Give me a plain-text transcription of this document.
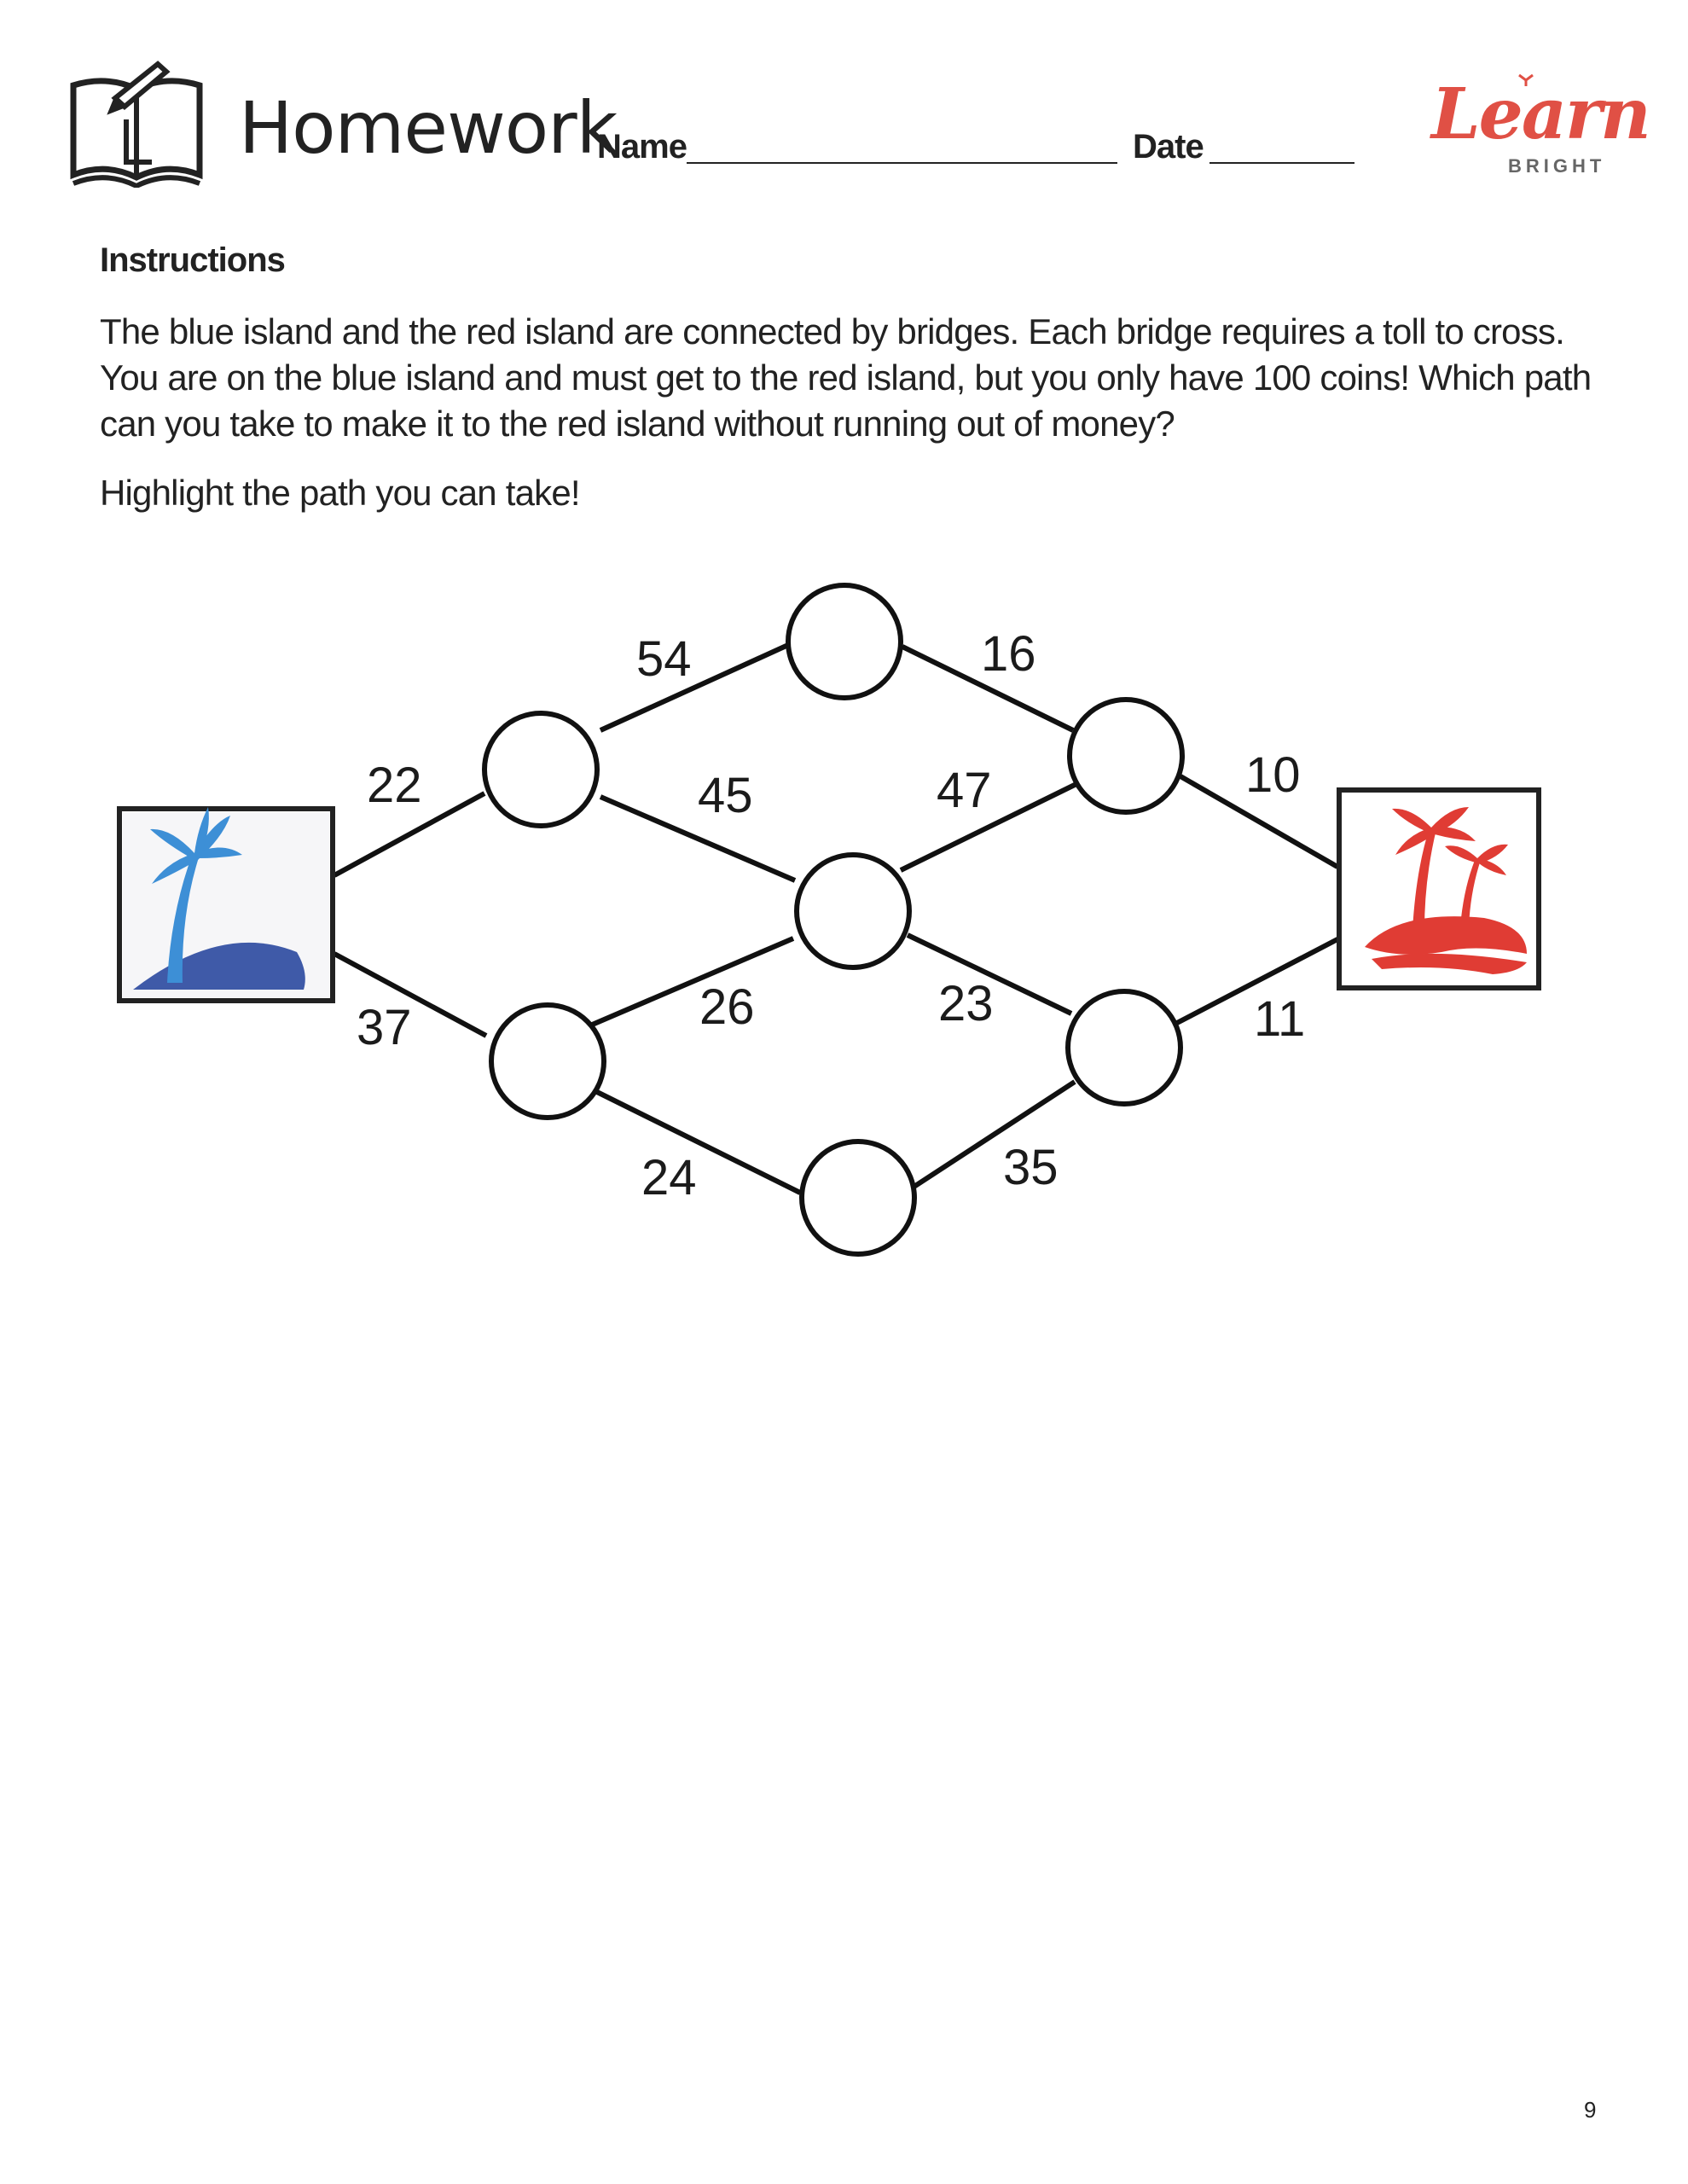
Homework
Name	Date	Learn
BRIGHT
Instructions

The blue island and the red island are connected by bridges. Each bridge requires a toll to cross. You are on the blue island and must get to the red island, but you only have 100 coins! Which path can you take to make it to the red island without running out of money?

Highlight the path you can take!

22
37
54
45
26
24
16
47
23
35
10
11
9
